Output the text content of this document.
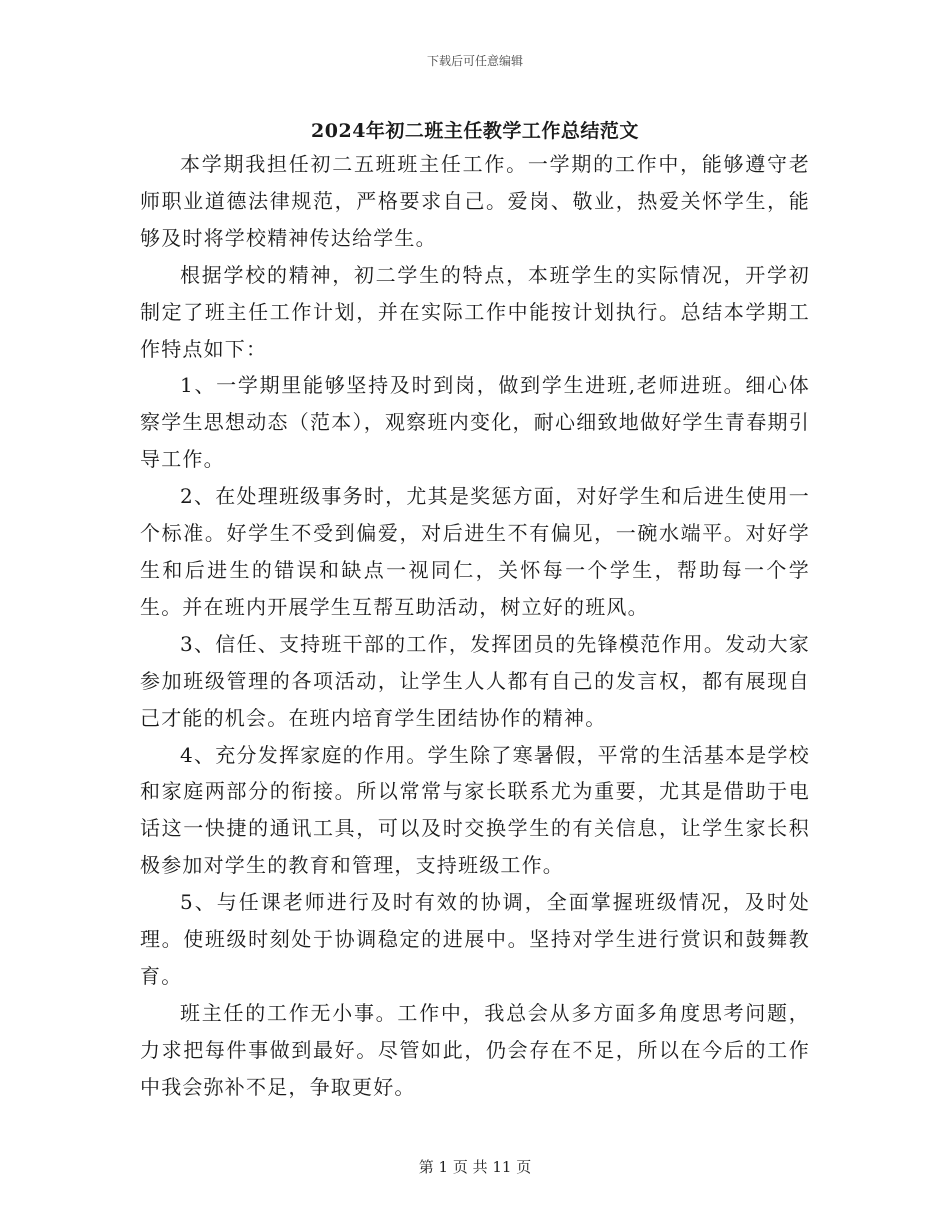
下载后可任意编辑
2024年初二班主任教学工作总结范文

本学期我担任初二五班班主任工作。一学期的工作中，能够遵守老师职业道德法律规范，严格要求自己。爱岗、敬业，热爱关怀学生，能够及时将学校精神传达给学生。

根据学校的精神，初二学生的特点，本班学生的实际情况，开学初制定了班主任工作计划，并在实际工作中能按计划执行。总结本学期工作特点如下：

1、一学期里能够坚持及时到岗，做到学生进班,老师进班。细心体察学生思想动态（范本），观察班内变化，耐心细致地做好学生青春期引导工作。

2、在处理班级事务时，尤其是奖惩方面，对好学生和后进生使用一个标准。好学生不受到偏爱，对后进生不有偏见，一碗水端平。对好学生和后进生的错误和缺点一视同仁，关怀每一个学生，帮助每一个学生。并在班内开展学生互帮互助活动，树立好的班风。

3、信任、支持班干部的工作，发挥团员的先锋模范作用。发动大家参加班级管理的各项活动，让学生人人都有自己的发言权，都有展现自己才能的机会。在班内培育学生团结协作的精神。

4、充分发挥家庭的作用。学生除了寒暑假，平常的生活基本是学校和家庭两部分的衔接。所以常常与家长联系尤为重要，尤其是借助于电话这一快捷的通讯工具，可以及时交换学生的有关信息，让学生家长积极参加对学生的教育和管理，支持班级工作。

5、与任课老师进行及时有效的协调，全面掌握班级情况，及时处理。使班级时刻处于协调稳定的进展中。坚持对学生进行赏识和鼓舞教育。

班主任的工作无小事。工作中，我总会从多方面多角度思考问题，力求把每件事做到最好。尽管如此，仍会存在不足，所以在今后的工作中我会弥补不足，争取更好。

第 1 页 共 11 页
